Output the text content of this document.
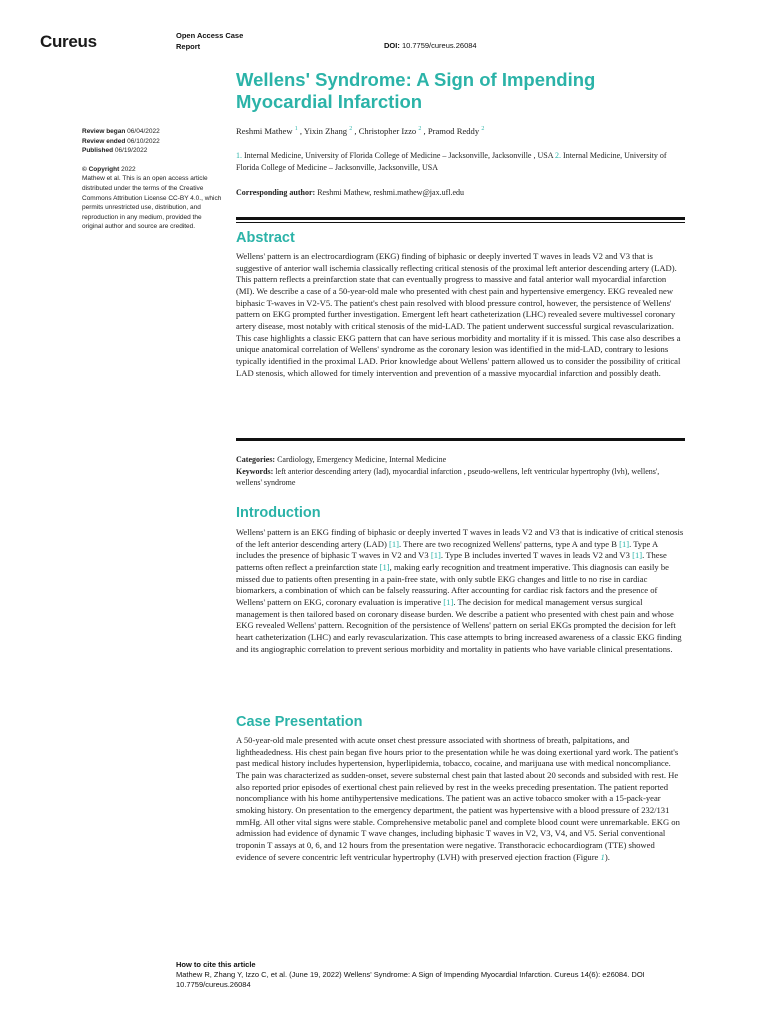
Cureus	Open Access Case
Report	DOI: 10.7759/cureus.26084
Wellens' Syndrome: A Sign of Impending
Myocardial Infarction
Review began 06/04/2022
Review ended 06/10/2022
Published 06/19/2022
© Copyright 2022

Mathew et al. This is an open access article distributed under the terms of the Creative Commons Attribution License CC-BY 4.0., which permits unrestricted use, distribution, and reproduction in any medium, provided the original author and source are credited.

Reshmi Mathew $^1$ , Yixin Zhang $^2$ , Christopher Izzo $^2$ , Pramod Reddy $^2$
1. Internal Medicine, University of Florida College of Medicine – Jacksonville, Jacksonville , USA 2. Internal Medicine, University of Florida College of Medicine – Jacksonville, Jacksonville, USA
Corresponding author: Reshmi Mathew, reshmi.mathew@jax.ufl.edu
Abstract

Wellens' pattern is an electrocardiogram (EKG) finding of biphasic or deeply inverted T waves in leads V2 and V3 that is suggestive of anterior wall ischemia classically reflecting critical stenosis of the proximal left anterior descending artery (LAD). This pattern reflects a preinfarction state that can eventually progress to massive and fatal anterior wall myocardial infarction (MI). We describe a case of a 50-year-old male who presented with chest pain and hypertensive emergency. EKG revealed new biphasic T-waves in V2-V5. The patient's chest pain resolved with blood pressure control, however, the persistence of Wellens' pattern on EKG prompted further investigation. Emergent left heart catheterization (LHC) revealed severe multivessel coronary artery disease, most notably with critical stenosis of the mid-LAD. The patient underwent successful surgical revascularization. This case highlights a classic EKG pattern that can have serious morbidity and mortality if it is missed. This case also describes a unique anatomical correlation of Wellens' syndrome as the coronary lesion was identified in the mid-LAD, contrary to lesions typically identified in the proximal LAD. Prior knowledge about Wellens' pattern allowed us to consider the possibility of critical LAD stenosis, which allowed for timely intervention and prevention of a massive myocardial infarction and possibly death.

Categories: Cardiology, Emergency Medicine, Internal Medicine
Keywords: left anterior descending artery (lad), myocardial infarction , pseudo-wellens, left ventricular hypertrophy (lvh), wellens', wellens' syndrome
Introduction

Wellens' pattern is an EKG finding of biphasic or deeply inverted T waves in leads V2 and V3 that is indicative of critical stenosis of the left anterior descending artery (LAD) [1]. There are two recognized Wellens' patterns, type A and type B [1]. Type A includes the presence of biphasic T waves in V2 and V3 [1]. Type B includes inverted T waves in leads V2 and V3 [1]. These patterns often reflect a preinfarction state [1], making early recognition and treatment imperative. This diagnosis can easily be missed due to patients often presenting in a pain-free state, with only subtle EKG changes and little to no rise in cardiac biomarkers, a combination of which can be falsely reassuring. After accounting for cardiac risk factors and the presence of Wellens' pattern on EKG, coronary evaluation is imperative [1]. The decision for medical management versus surgical management is then tailored based on coronary disease burden. We describe a patient who presented with chest pain and whose EKG revealed Wellens' pattern. Recognition of the persistence of Wellens' pattern on serial EKGs prompted the decision for left heart catheterization (LHC) and early revascularization. This case attempts to bring increased awareness of a classic EKG finding and its angiographic correlation to prevent serious morbidity and mortality in patients who have variable clinical presentations.

Case Presentation

A 50-year-old male presented with acute onset chest pressure associated with shortness of breath, palpitations, and lightheadedness. His chest pain began five hours prior to the presentation while he was doing exertional yard work. The patient's past medical history includes hypertension, hyperlipidemia, tobacco, cocaine, and marijuana use with medical noncompliance. The pain was characterized as sudden-onset, severe substernal chest pain that lasted about 20 seconds and subsided with rest. He also reported prior episodes of exertional chest pain relieved by rest in the weeks preceding presentation. The patient reported noncompliance with his home antihypertensive medications. The patient was an active tobacco smoker with a 15-pack-year smoking history. On presentation to the emergency department, the patient was hypertensive with a blood pressure of 232/131 mmHg. All other vital signs were stable. Comprehensive metabolic panel and complete blood count were unremarkable. EKG on admission had evidence of dynamic T wave changes, including biphasic T waves in V2, V3, V4, and V5. Serial conventional troponin T assays at 0, 6, and 12 hours from the presentation were negative. Transthoracic echocardiogram (TTE) showed evidence of severe concentric left ventricular hypertrophy (LVH) with preserved ejection fraction (Figure 1).

How to cite this article
Mathew R, Zhang Y, Izzo C, et al. (June 19, 2022) Wellens' Syndrome: A Sign of Impending Myocardial Infarction. Cureus 14(6): e26084. DOI 10.7759/cureus.26084
